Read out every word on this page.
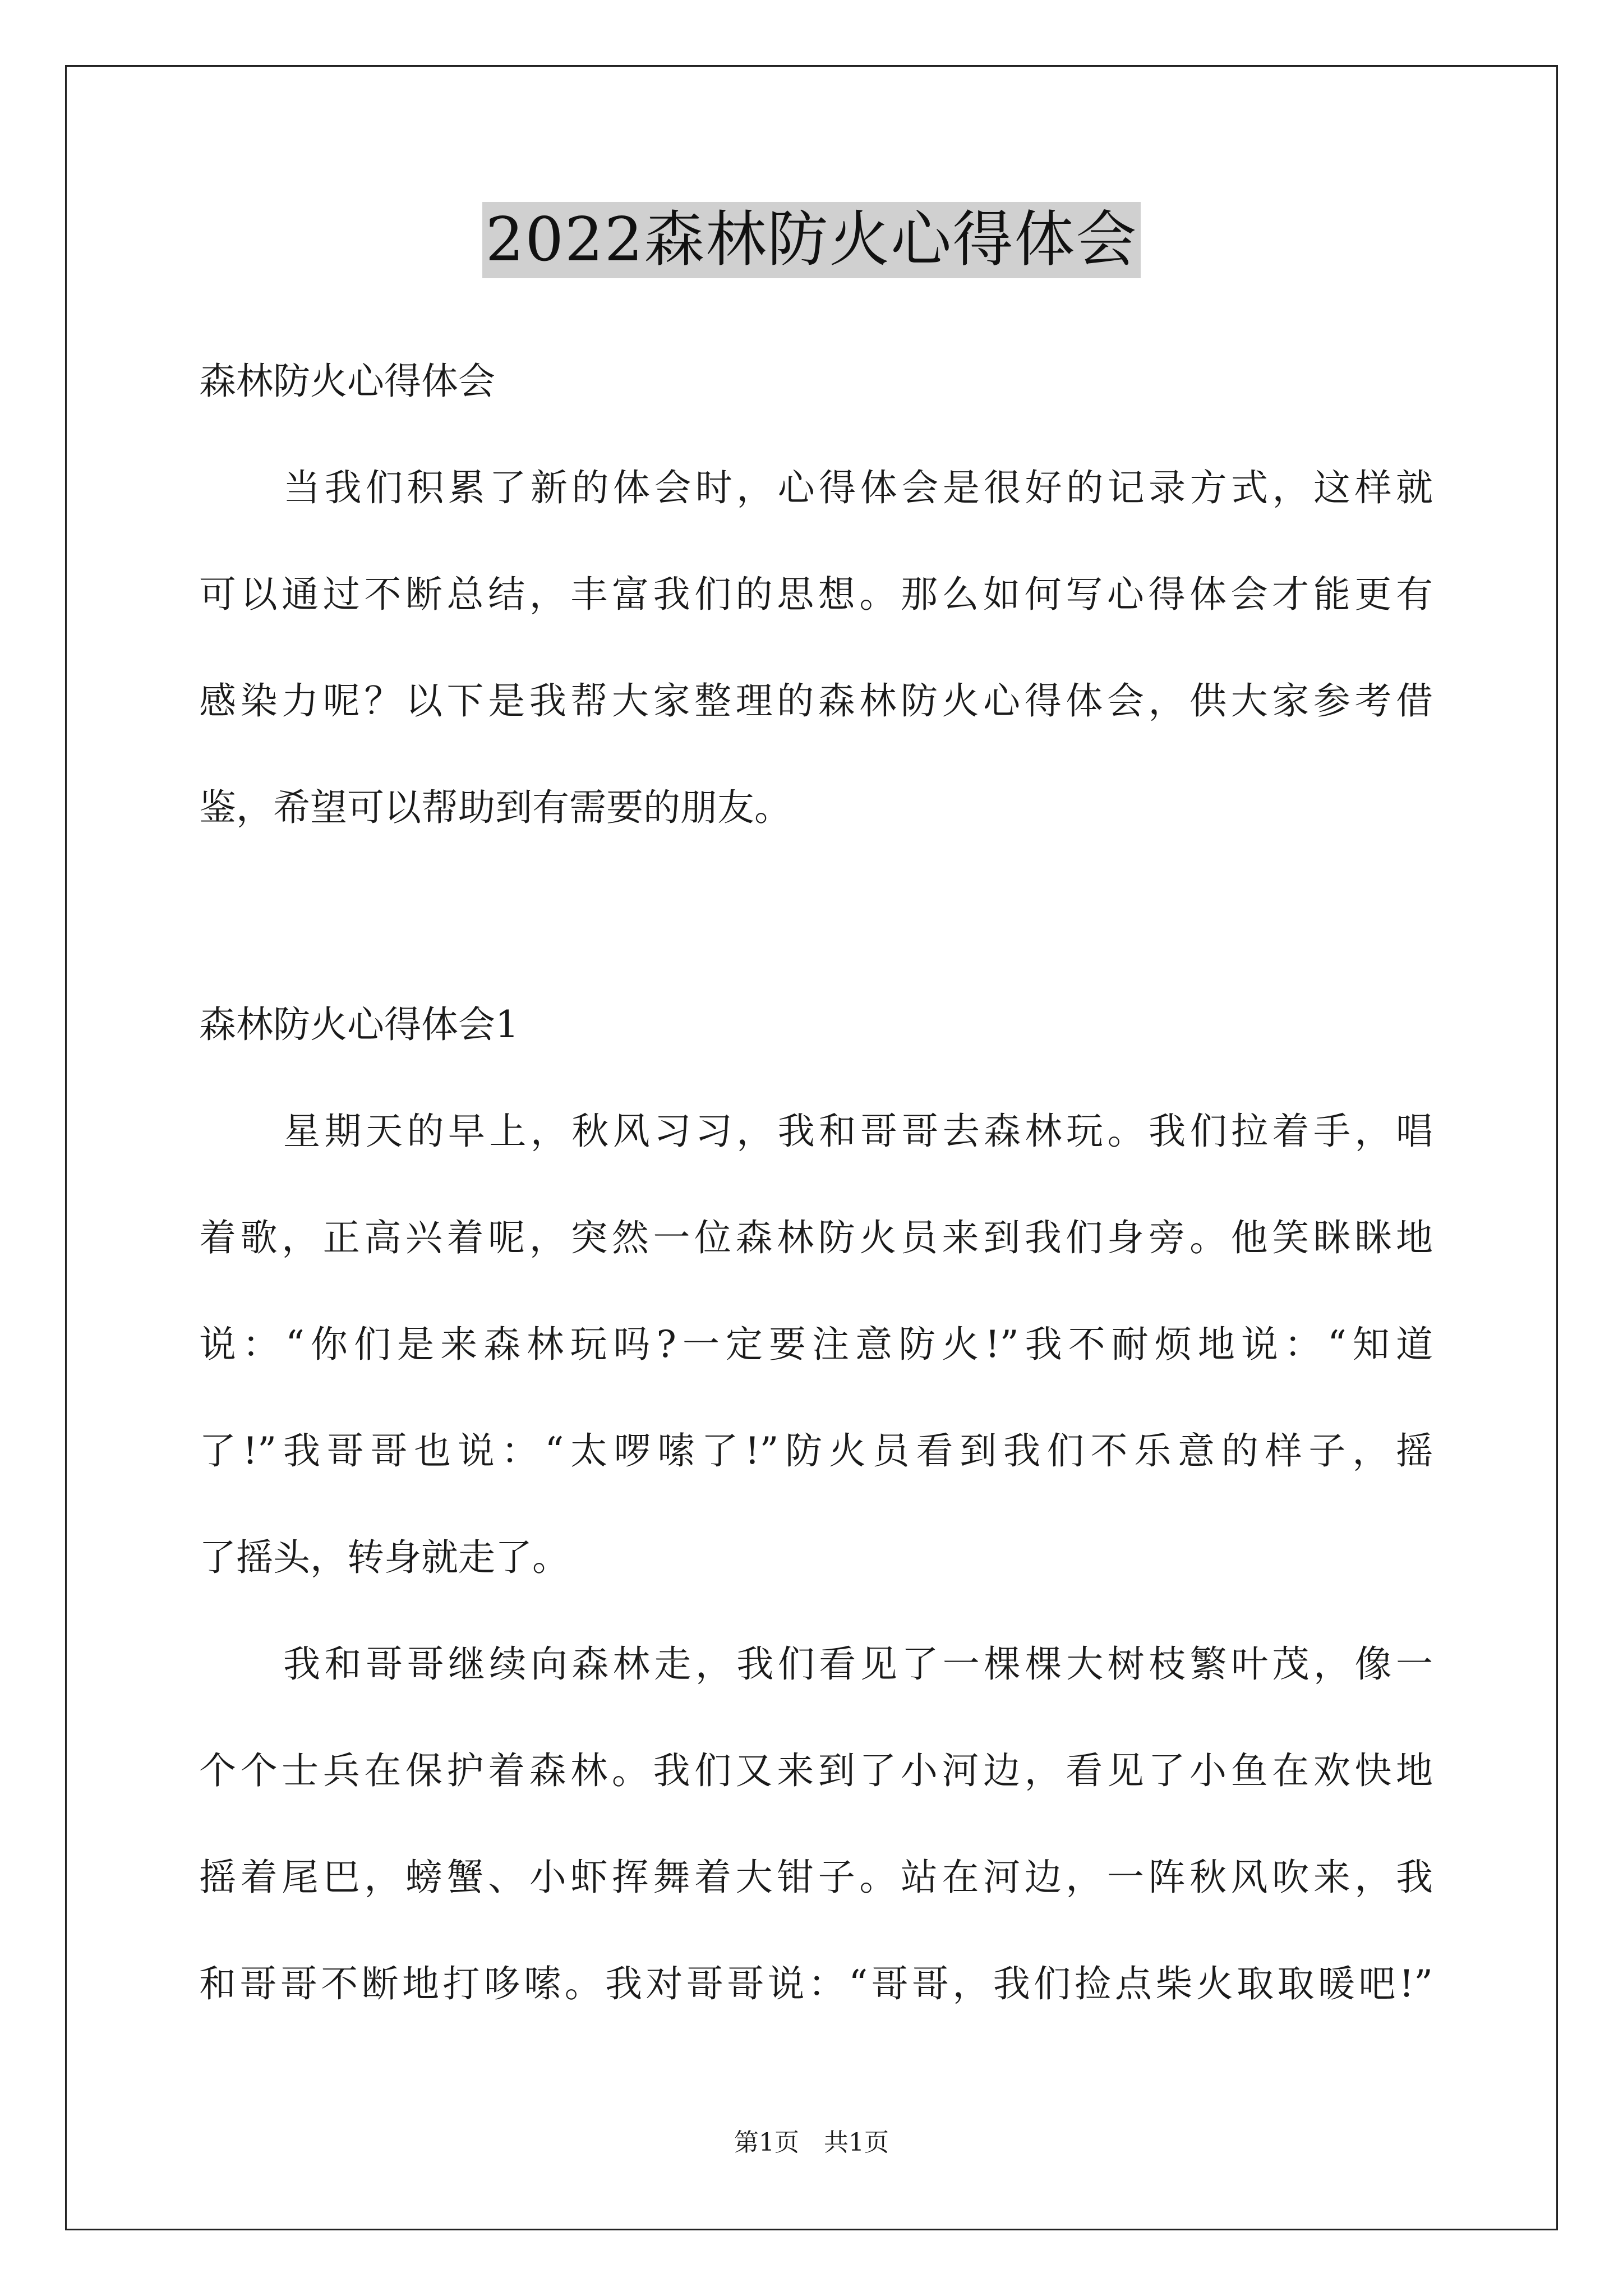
2022森林防火心得体会
森林防火心得体会
当我们积累了新的体会时，心得体会是很好的记录方式，这样就
可以通过不断总结，丰富我们的思想。那么如何写心得体会才能更有
感染力呢？以下是我帮大家整理的森林防火心得体会，供大家参考借
鉴，希望可以帮助到有需要的朋友。
森林防火心得体会1
星期天的早上，秋风习习，我和哥哥去森林玩。我们拉着手，唱
着歌，正高兴着呢，突然一位森林防火员来到我们身旁。他笑眯眯地
说：“你们是来森林玩吗?一定要注意防火!”我不耐烦地说：“知道
了!”我哥哥也说：“太啰嗦了!”防火员看到我们不乐意的样子，摇
了摇头，转身就走了。
我和哥哥继续向森林走，我们看见了一棵棵大树枝繁叶茂，像一
个个士兵在保护着森林。我们又来到了小河边，看见了小鱼在欢快地
摇着尾巴，螃蟹、小虾挥舞着大钳子。站在河边，一阵秋风吹来，我
和哥哥不断地打哆嗦。我对哥哥说：“哥哥，我们捡点柴火取取暖吧!”
第1页　共1页
